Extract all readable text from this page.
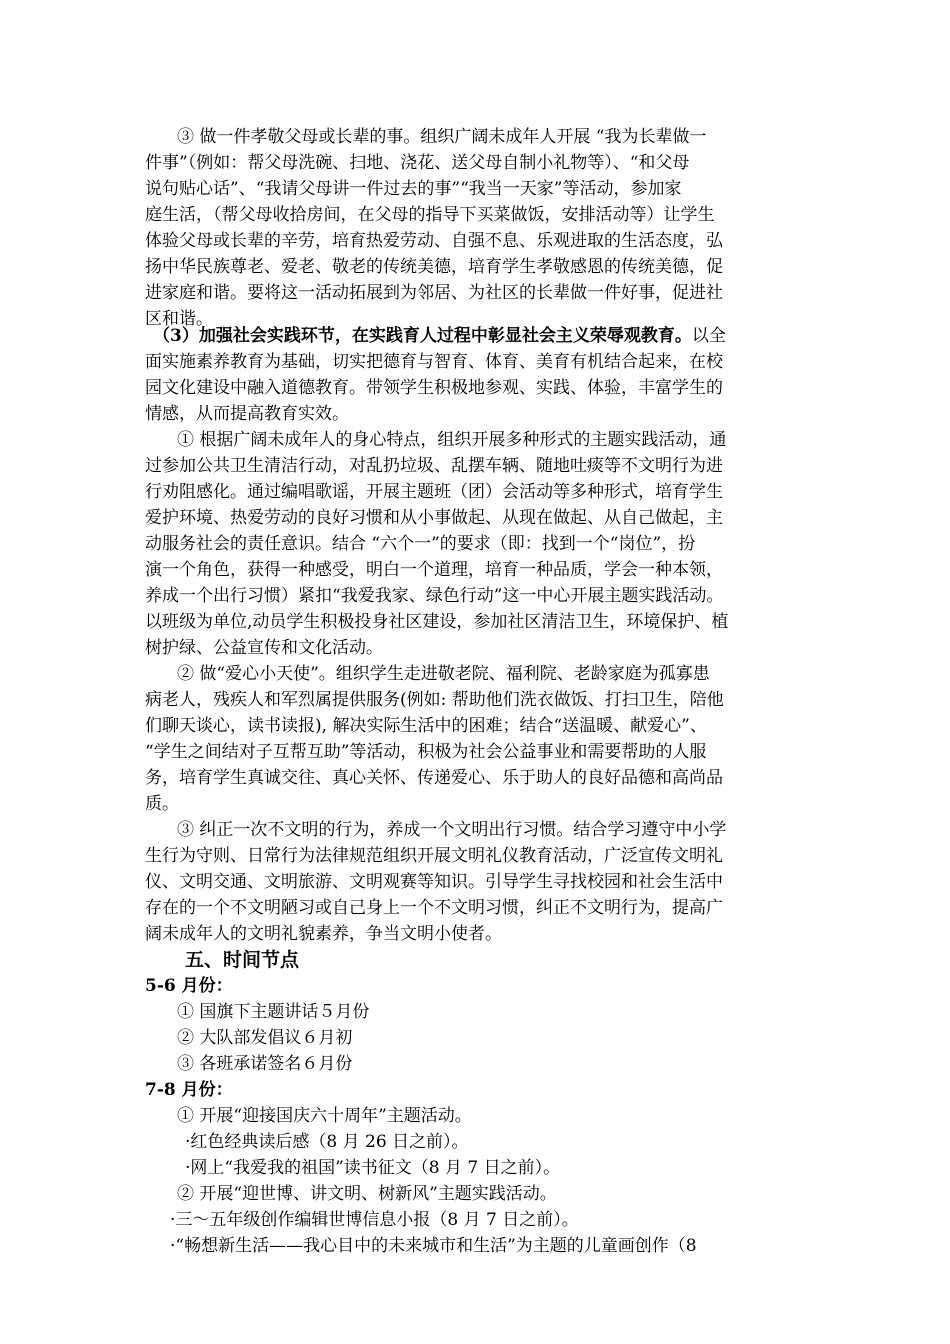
③ 做一件孝敬父母或长辈的事。组织广阔未成年人开展 “我为长辈做一
件事”（例如：帮父母洗碗、扫地、浇花、送父母自制小礼物等）、“和父母
说句贴心话”、“我请父母讲一件过去的事”“我当一天家”等活动，参加家
庭生活，（帮父母收拾房间，在父母的指导下买菜做饭，安排活动等）让学生
体验父母或长辈的辛劳，培育热爱劳动、自强不息、乐观进取的生活态度，弘
扬中华民族尊老、爱老、敬老的传统美德，培育学生孝敬感恩的传统美德，促
进家庭和谐。要将这一活动拓展到为邻居、为社区的长辈做一件好事，促进社
区和谐。
（3）加强社会实践环节，在实践育人过程中彰显社会主义荣辱观教育。以全
面实施素养教育为基础，切实把德育与智育、体育、美育有机结合起来，在校
园文化建设中融入道德教育。带领学生积极地参观、实践、体验，丰富学生的
情感，从而提高教育实效。
① 根据广阔未成年人的身心特点，组织开展多种形式的主题实践活动，通
过参加公共卫生清洁行动，对乱扔垃圾、乱摆车辆、随地吐痰等不文明行为进
行劝阻感化。通过编唱歌谣，开展主题班（团）会活动等多种形式，培育学生
爱护环境、热爱劳动的良好习惯和从小事做起、从现在做起、从自己做起，主
动服务社会的责任意识。结合 “六个一”的要求（即：找到一个“岗位”，扮
演一个角色，获得一种感受，明白一个道理，培育一种品质，学会一种本领，
养成一个出行习惯）紧扣“我爱我家、绿色行动”这一中心开展主题实践活动。
以班级为单位,动员学生积极投身社区建设，参加社区清洁卫生，环境保护、植
树护绿、公益宣传和文化活动。
② 做“爱心小天使”。组织学生走进敬老院、福利院、老龄家庭为孤寡患
病老人，残疾人和军烈属提供服务(例如: 帮助他们洗衣做饭、打扫卫生，陪他
们聊天谈心，读书读报), 解决实际生活中的困难；结合“送温暖、献爱心”、
“学生之间结对子互帮互助”等活动，积极为社会公益事业和需要帮助的人服
务，培育学生真诚交往、真心关怀、传递爱心、乐于助人的良好品德和高尚品
质。
③ 纠正一次不文明的行为，养成一个文明出行习惯。结合学习遵守中小学
生行为守则、日常行为法律规范组织开展文明礼仪教育活动，广泛宣传文明礼
仪、文明交通、文明旅游、文明观赛等知识。引导学生寻找校园和社会生活中
存在的一个不文明陋习或自己身上一个不文明习惯，纠正不文明行为，提高广
阔未成年人的文明礼貌素养，争当文明小使者。
五、时间节点
5-6 月份：
① 国旗下主题讲话５月份
② 大队部发倡议６月初
③ 各班承诺签名６月份
7-8 月份：
① 开展“迎接国庆六十周年”主题活动。
·红色经典读后感（8 月 26 日之前）。
·网上“我爱我的祖国”读书征文（8 月 7 日之前）。
② 开展“迎世博、讲文明、树新风”主题实践活动。
·三～五年级创作编辑世博信息小报（8 月 7 日之前）。
·“畅想新生活——我心目中的未来城市和生活”为主题的儿童画创作（8
